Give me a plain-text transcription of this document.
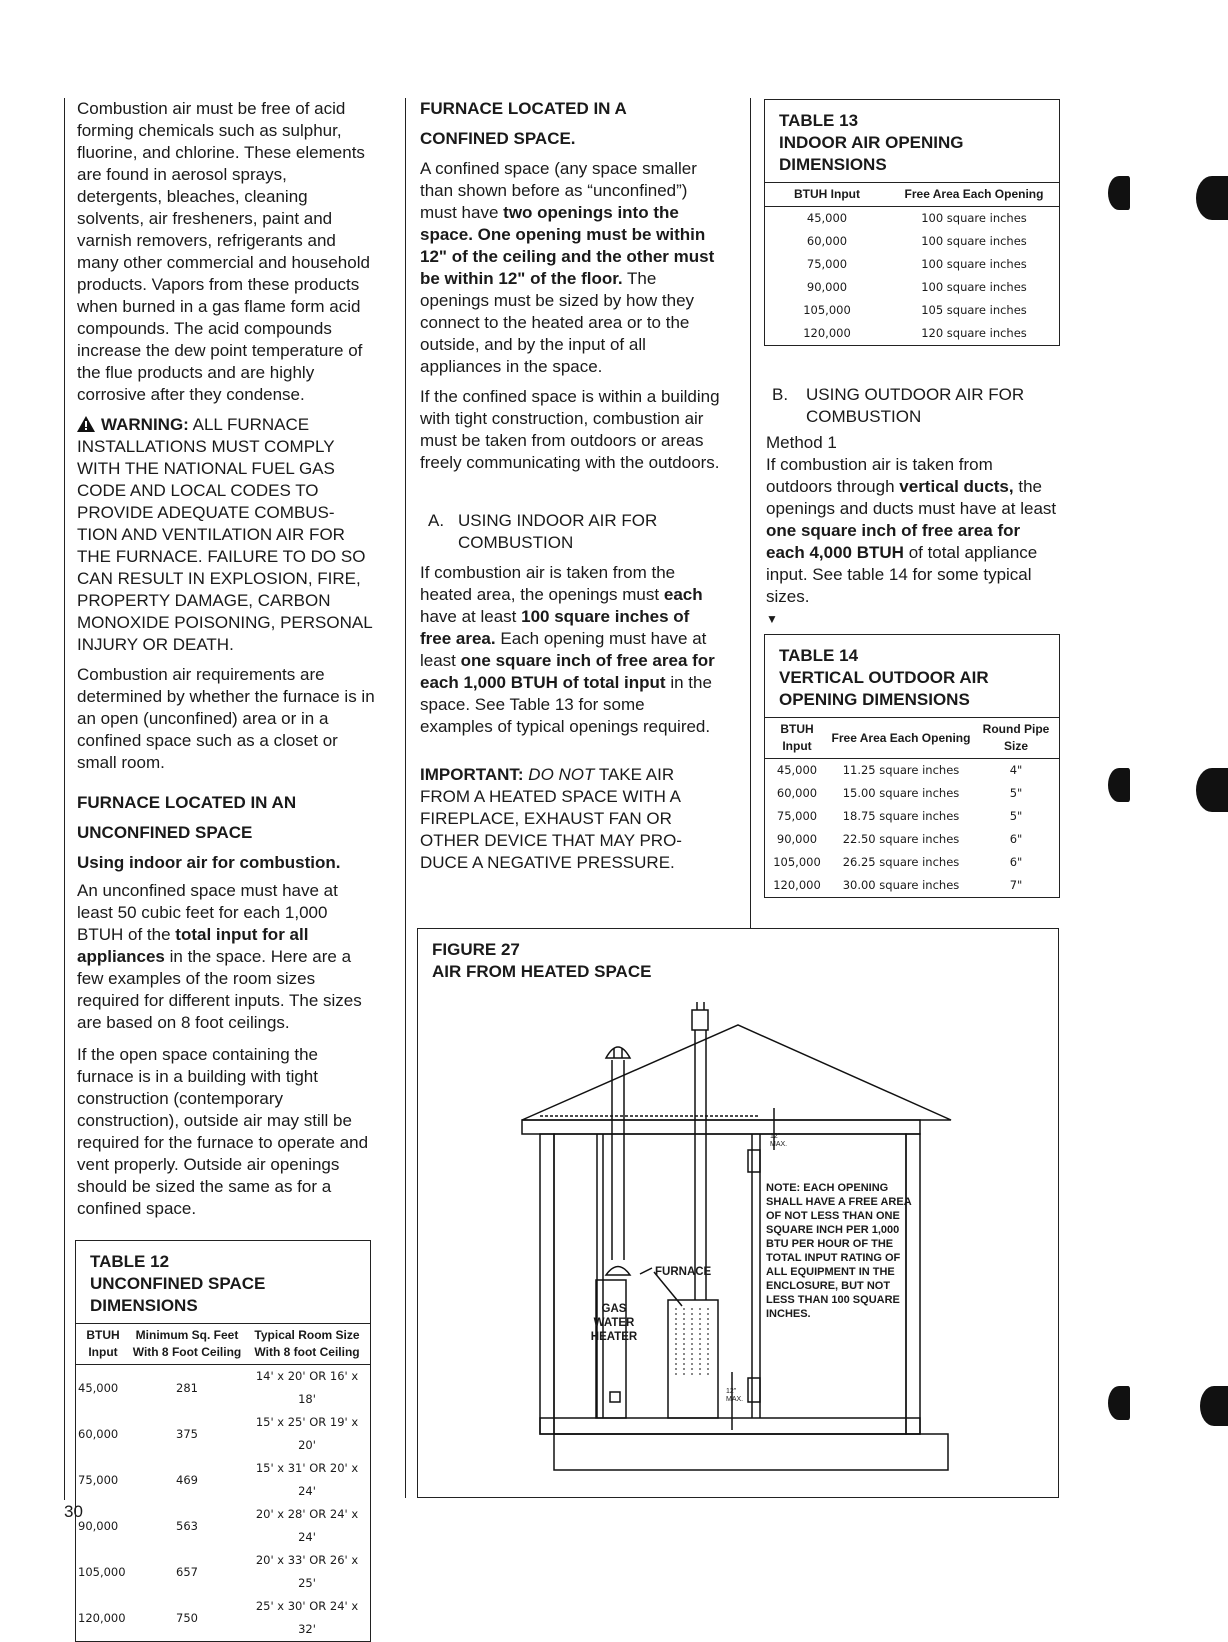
Combustion air must be free of acid forming chemicals such as sulphur, fluorine, and chlorine. These elements are found in aerosol sprays, detergents, bleaches, cleaning solvents, air fresheners, paint and varnish removers, refrigerants and many other commercial and household products. Vapors from these products when burned in a gas flame form acid compounds. The acid compounds increase the dew point temperature of the flue products and are highly corrosive after they condense.

WARNING: ALL FURNACE INSTALLATIONS MUST COMPLY WITH THE NATIONAL FUEL GAS CODE AND LOCAL CODES TO PROVIDE ADEQUATE COMBUS-TION AND VENTILATION AIR FOR THE FURNACE. FAILURE TO DO SO CAN RESULT IN EXPLOSION, FIRE, PROPERTY DAMAGE, CARBON MONOXIDE POISONING, PERSONAL INJURY OR DEATH.

Combustion air requirements are determined by whether the furnace is in an open (unconfined) area or in a confined space such as a closet or small room.

FURNACE LOCATED IN AN

UNCONFINED SPACE

Using indoor air for combustion.

An unconfined space must have at least 50 cubic feet for each 1,000 BTUH of the total input for all appliances in the space. Here are a few examples of the room sizes required for different inputs. The sizes are based on 8 foot ceilings.

If the open space containing the furnace is in a building with tight construction (contemporary construction), outside air may still be required for the furnace to operate and vent properly. Outside air openings should be sized the same as for a confined space.

TABLE 12
UNCONFINED SPACE
DIMENSIONS
BTUH Input	Minimum Sq. Feet With 8 Foot Ceiling	Typical Room Size With 8 foot Ceiling
45,000	281	14' x 20' OR 16' x 18'
60,000	375	15' x 25' OR 19' x 20'
75,000	469	15' x 31' OR 20' x 24'
90,000	563	20' x 28' OR 24' x 24'
105,000	657	20' x 33' OR 26' x 25'
120,000	750	25' x 30' OR 24' x 32'

FURNACE LOCATED IN A

CONFINED SPACE.

A confined space (any space smaller than shown before as “unconfined”) must have two openings into the space. One opening must be within 12" of the ceiling and the other must be within 12" of the floor. The openings must be sized by how they connect to the heated area or to the outside, and by the input of all appliances in the space.

If the confined space is within a building with tight construction, combustion air must be taken from outdoors or areas freely communicating with the outdoors.

A. USING INDOOR AIR FOR COMBUSTION

If combustion air is taken from the heated area, the openings must each have at least 100 square inches of free area. Each opening must have at least one square inch of free area for each 1,000 BTUH of total input in the space. See Table 13 for some examples of typical openings required.

IMPORTANT: DO NOT TAKE AIR FROM A HEATED SPACE WITH A FIREPLACE, EXHAUST FAN OR OTHER DEVICE THAT MAY PRO-DUCE A NEGATIVE PRESSURE.

TABLE 13
INDOOR AIR OPENING
DIMENSIONS
BTUH Input	Free Area Each Opening
45,000	100 square inches
60,000	100 square inches
75,000	100 square inches
90,000	100 square inches
105,000	105 square inches
120,000	120 square inches
B.	USING OUTDOOR AIR FOR COMBUSTION

Method 1

If combustion air is taken from outdoors through vertical ducts, the openings and ducts must have at least one square inch of free area for each 4,000 BTUH of total appliance input. See table 14 for some typical sizes.

▼
TABLE 14
VERTICAL OUTDOOR AIR
OPENING DIMENSIONS
BTUH Input	Free Area Each Opening	Round Pipe Size
45,000	11.25 square inches	4"
60,000	15.00 square inches	5"
75,000	18.75 square inches	5"
90,000	22.50 square inches	6"
105,000	26.25 square inches	6"
120,000	30.00 square inches	7"
FIGURE 27
AIR FROM HEATED SPACE
FURNACE
GAS WATER HEATER
12" MAX.
12" MAX.
NOTE: EACH OPENING SHALL HAVE A FREE AREA OF NOT LESS THAN ONE SQUARE INCH PER 1,000 BTU PER HOUR OF THE TOTAL INPUT RATING OF ALL EQUIPMENT IN THE ENCLOSURE, BUT NOT LESS THAN 100 SQUARE INCHES.
30
